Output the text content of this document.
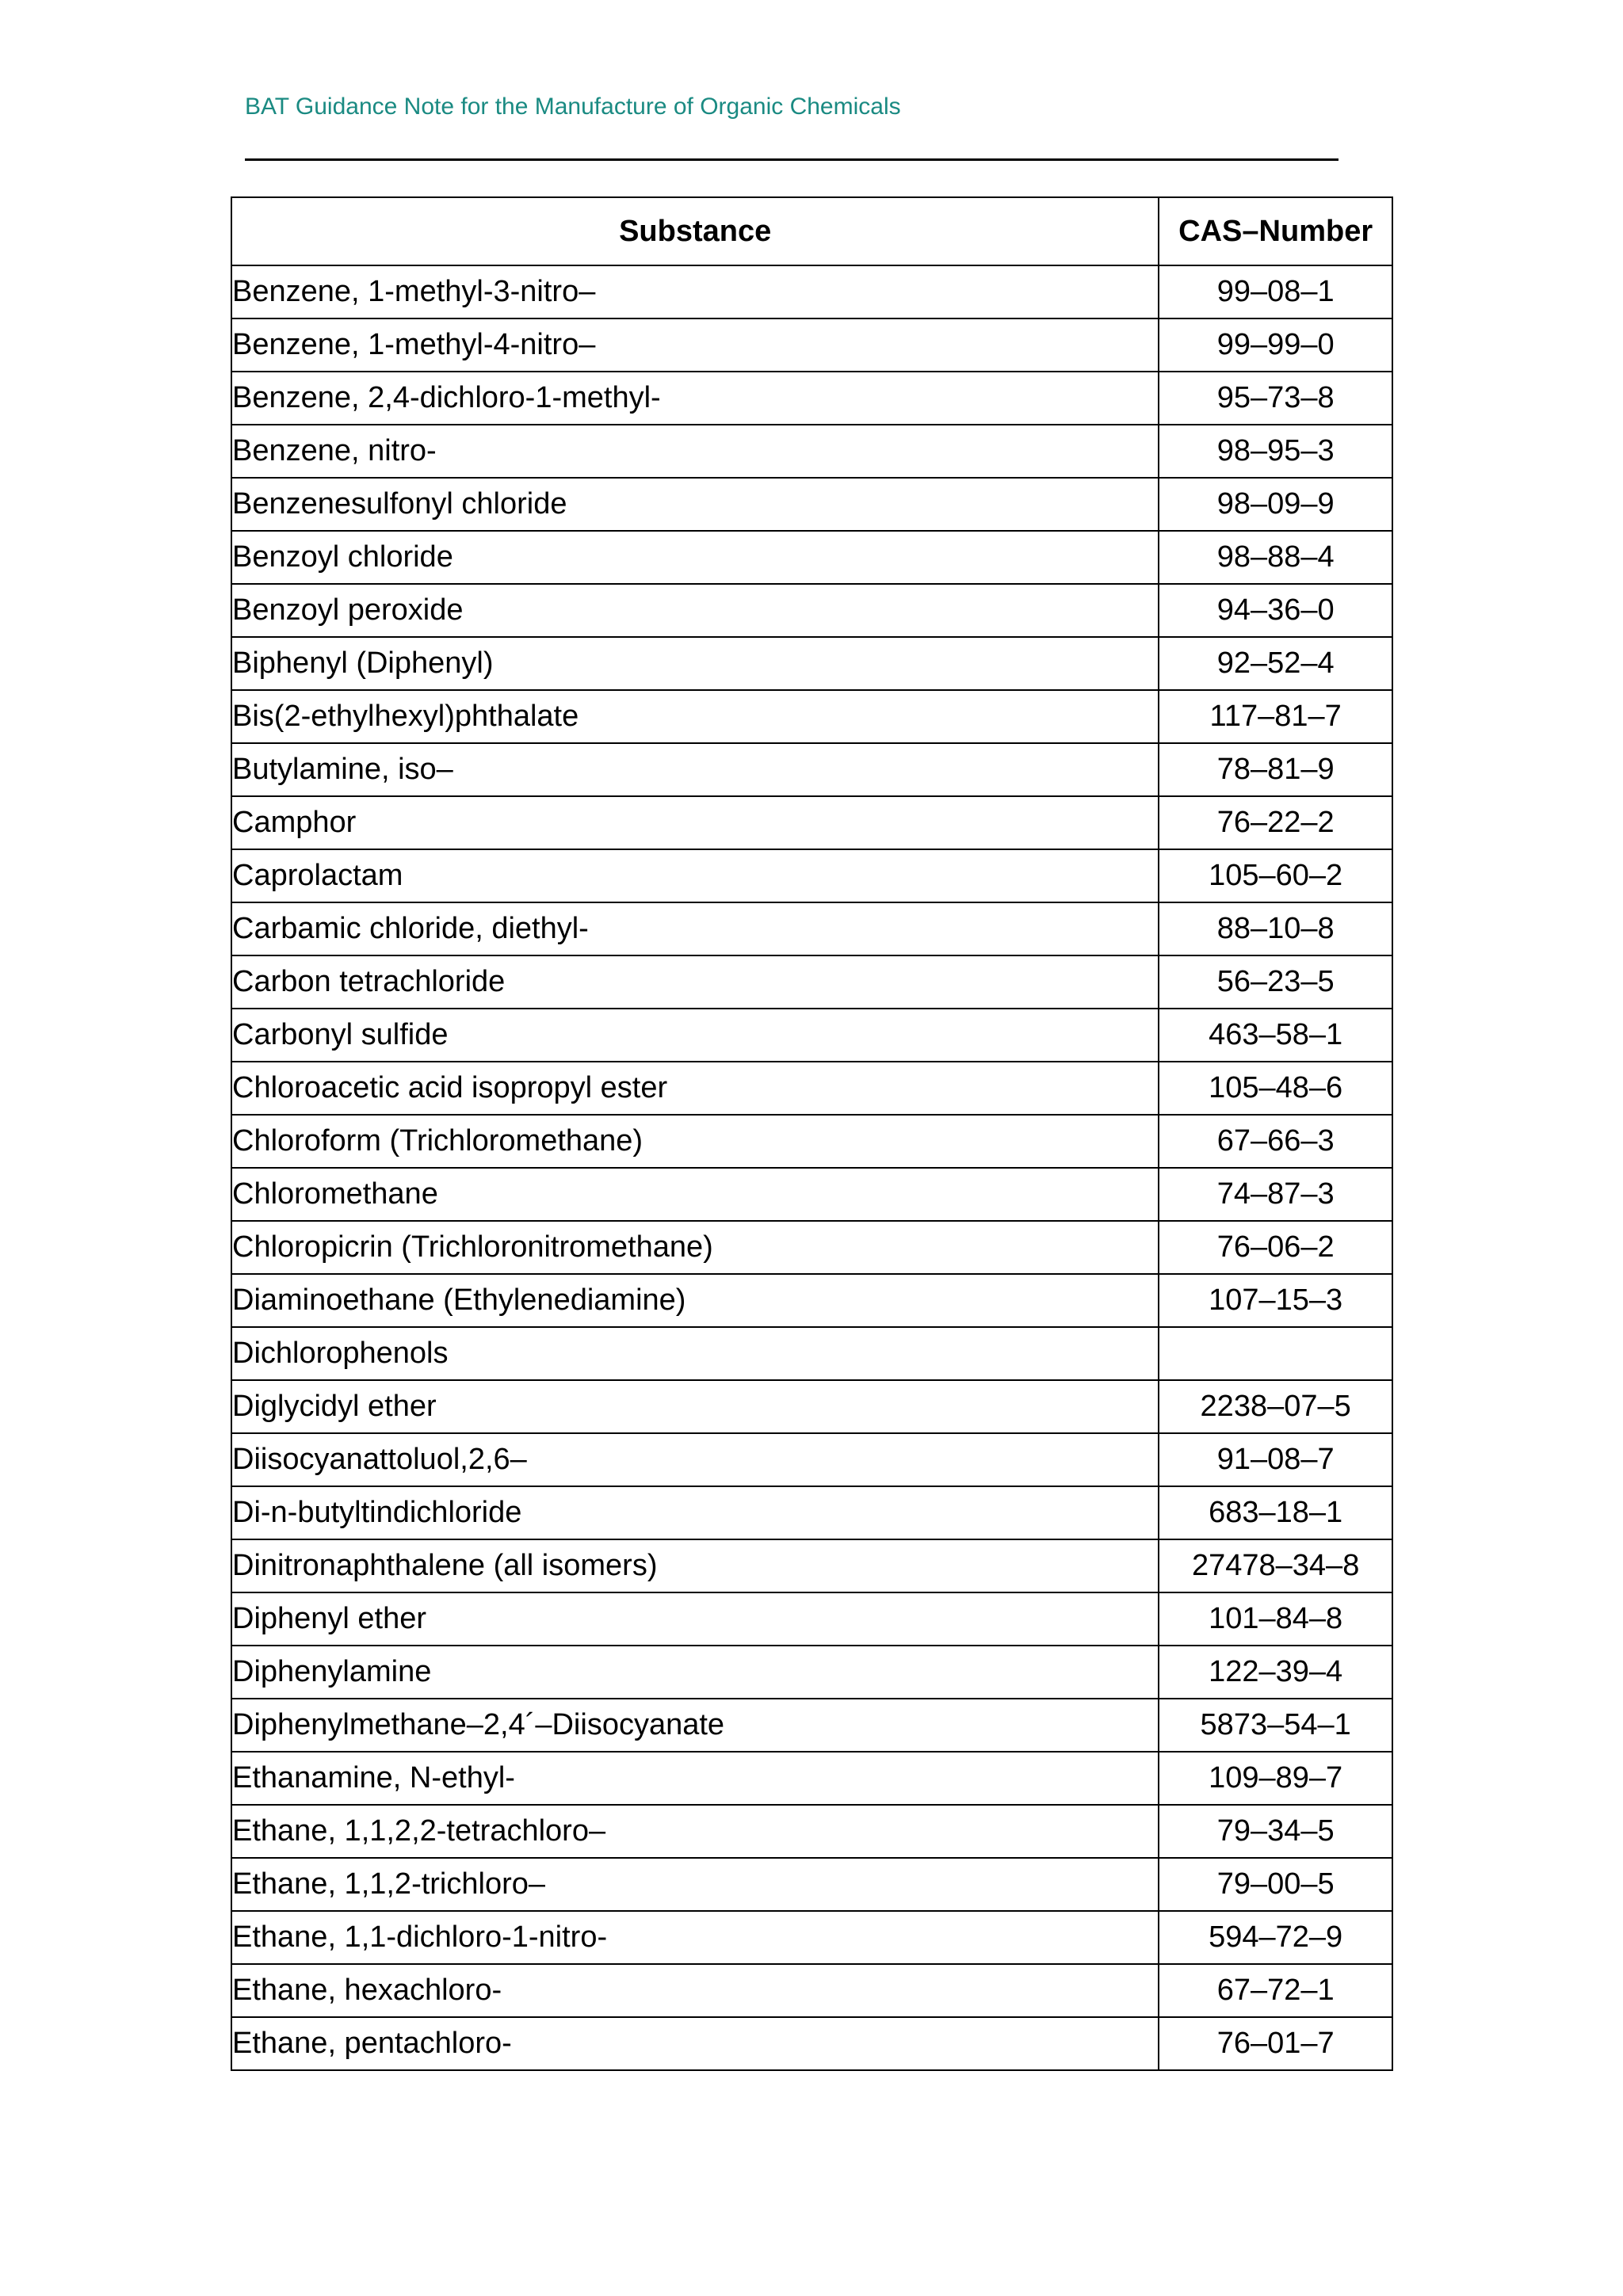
BAT Guidance Note for the Manufacture of Organic Chemicals
Substance	CAS–Number
Benzene, 1-methyl-3-nitro–	99–08–1
Benzene, 1-methyl-4-nitro–	99–99–0
Benzene, 2,4-dichloro-1-methyl-	95–73–8
Benzene, nitro-	98–95–3
Benzenesulfonyl chloride	98–09–9
Benzoyl chloride	98–88–4
Benzoyl peroxide	94–36–0
Biphenyl (Diphenyl)	92–52–4
Bis(2-ethylhexyl)phthalate	117–81–7
Butylamine, iso–	78–81–9
Camphor	76–22–2
Caprolactam	105–60–2
Carbamic chloride, diethyl-	88–10–8
Carbon tetrachloride	56–23–5
Carbonyl sulfide	463–58–1
Chloroacetic acid isopropyl ester	105–48–6
Chloroform (Trichloromethane)	67–66–3
Chloromethane	74–87–3
Chloropicrin (Trichloronitromethane)	76–06–2
Diaminoethane (Ethylenediamine)	107–15–3
Dichlorophenols	
Diglycidyl ether	2238–07–5
Diisocyanattoluol,2,6–	91–08–7
Di-n-butyltindichloride	683–18–1
Dinitronaphthalene (all isomers)	27478–34–8
Diphenyl ether	101–84–8
Diphenylamine	122–39–4
Diphenylmethane–2,4´–Diisocyanate	5873–54–1
Ethanamine, N-ethyl-	109–89–7
Ethane, 1,1,2,2-tetrachloro–	79–34–5
Ethane, 1,1,2-trichloro–	79–00–5
Ethane, 1,1-dichloro-1-nitro-	594–72–9
Ethane, hexachloro-	67–72–1
Ethane, pentachloro-	76–01–7
